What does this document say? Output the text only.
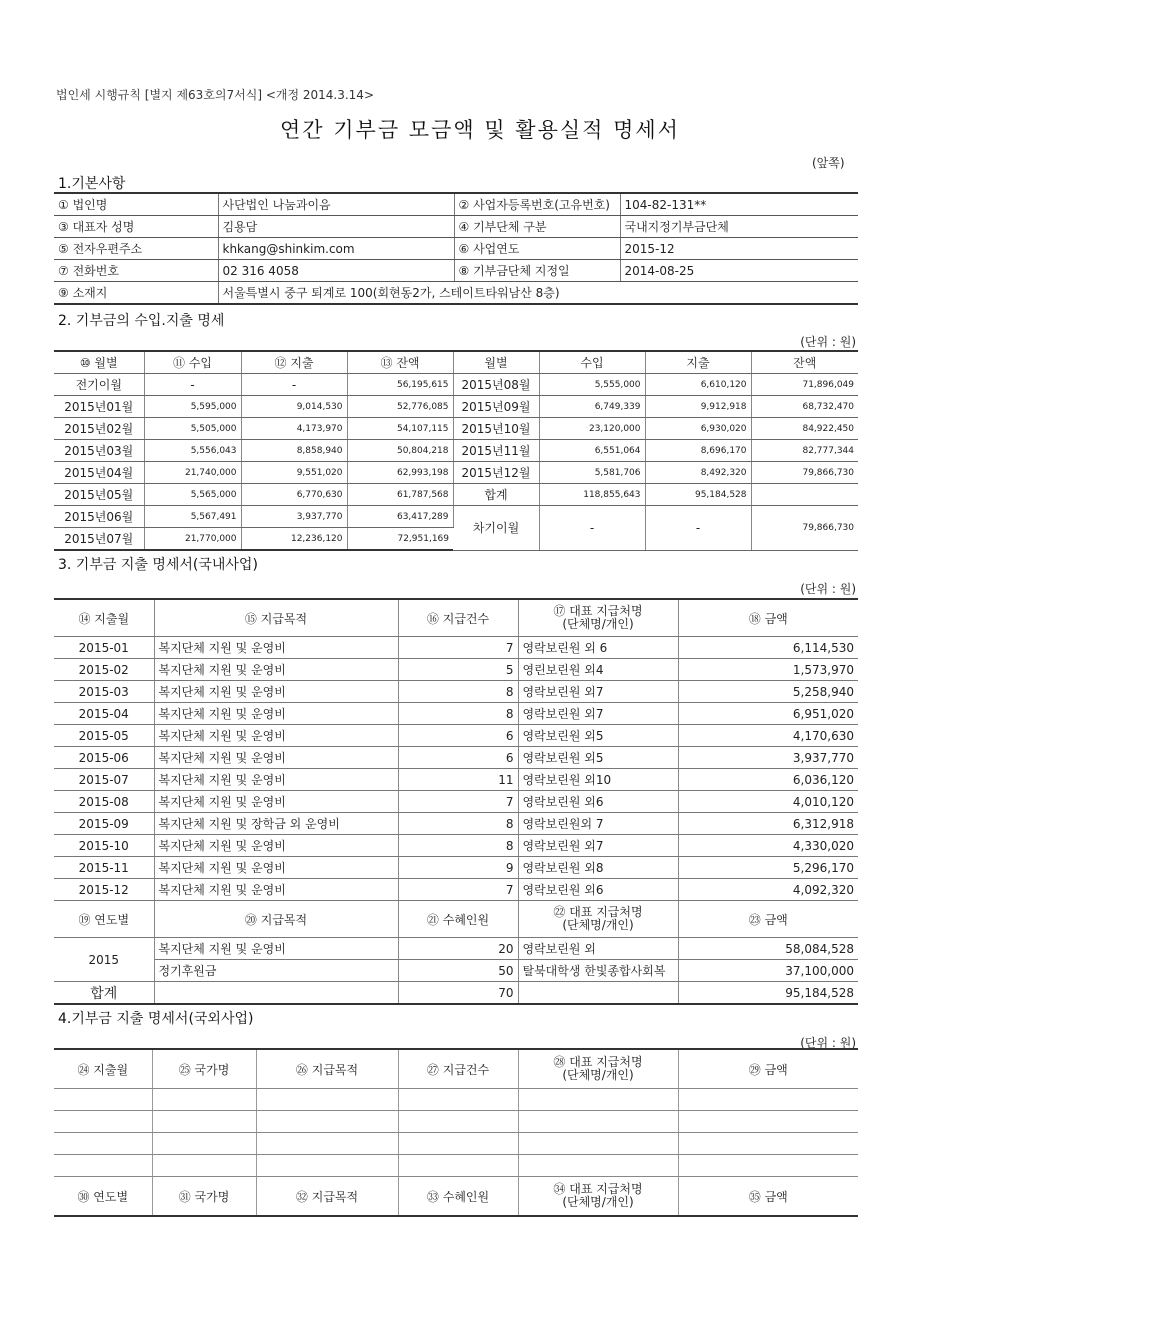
법인세 시행규칙 [별지 제63호의7서식] <개정 2014.3.14>
연간 기부금 모금액 및 활용실적 명세서
(앞쪽)
1.기본사항
① 법인명	사단법인 나눔과이음	② 사업자등록번호(고유번호)	104-82-131**
③ 대표자 성명	김용담	④ 기부단체 구분	국내지정기부금단체
⑤ 전자우편주소	khkang@shinkim.com	⑥ 사업연도	2015-12
⑦ 전화번호	02 316 4058	⑧ 기부금단체 지정일	2014-08-25
⑨ 소재지	서울특별시 중구 퇴계로 100(회현동2가, 스테이트타워남산 8층)		
2. 기부금의 수입.지출 명세
(단위 : 원)
⑩ 월별	⑪ 수입	⑫ 지출	⑬ 잔액	월별	수입	지출	잔액
전기이월	-	-	56,195,615	2015년08월	5,555,000	6,610,120	71,896,049
2015년01월	5,595,000	9,014,530	52,776,085	2015년09월	6,749,339	9,912,918	68,732,470
2015년02월	5,505,000	4,173,970	54,107,115	2015년10월	23,120,000	6,930,020	84,922,450
2015년03월	5,556,043	8,858,940	50,804,218	2015년11월	6,551,064	8,696,170	82,777,344
2015년04월	21,740,000	9,551,020	62,993,198	2015년12월	5,581,706	8,492,320	79,866,730
2015년05월	5,565,000	6,770,630	61,787,568	합계	118,855,643	95,184,528	
2015년06월	5,567,491	3,937,770	63,417,289	차기이월	-	-	79,866,730
2015년07월	21,770,000	12,236,120	72,951,169				
3. 기부금 지출 명세서(국내사업)
(단위 : 원)
⑭ 지출월	⑮ 지급목적	⑯ 지급건수	⑰ 대표 지급처명
(단체명/개인)	⑱ 금액
2015-01	복지단체 지원 및 운영비	7	영락보린원 외 6	6,114,530
2015-02	복지단체 지원 및 운영비	5	영린보린원 외4	1,573,970
2015-03	복지단체 지원 및 운영비	8	영락보린원 외7	5,258,940
2015-04	복지단체 지원 및 운영비	8	영락보린원 외7	6,951,020
2015-05	복지단체 지원 및 운영비	6	영락보린원 외5	4,170,630
2015-06	복지단체 지원 및 운영비	6	영락보린원 외5	3,937,770
2015-07	복지단체 지원 및 운영비	11	영락보린원 외10	6,036,120
2015-08	복지단체 지원 및 운영비	7	영락보린원 외6	4,010,120
2015-09	복지단체 지원 및 장학금 외 운영비	8	영락보린원외 7	6,312,918
2015-10	복지단체 지원 및 운영비	8	영락보린원 외7	4,330,020
2015-11	복지단체 지원 및 운영비	9	영락보린원 외8	5,296,170
2015-12	복지단체 지원 및 운영비	7	영락보린원 외6	4,092,320
⑲ 연도별	⑳ 지급목적	㉑ 수혜인원	㉒ 대표 지급처명
(단체명/개인)	㉓ 금액
2015	복지단체 지원 및 운영비	20	영락보린원 외	58,084,528
	정기후원금	50	탈북대학생 한빛종합사회복	37,100,000
합계		70		95,184,528
4.기부금 지출 명세서(국외사업)
(단위 : 원)
㉔ 지출월	㉕ 국가명	㉖ 지급목적	㉗ 지급건수	㉘ 대표 지급처명
(단체명/개인)	㉙ 금액

㉚ 연도별	㉛ 국가명	㉜ 지급목적	㉝ 수혜인원	㉞ 대표 지급처명
(단체명/개인)	㉟ 금액
